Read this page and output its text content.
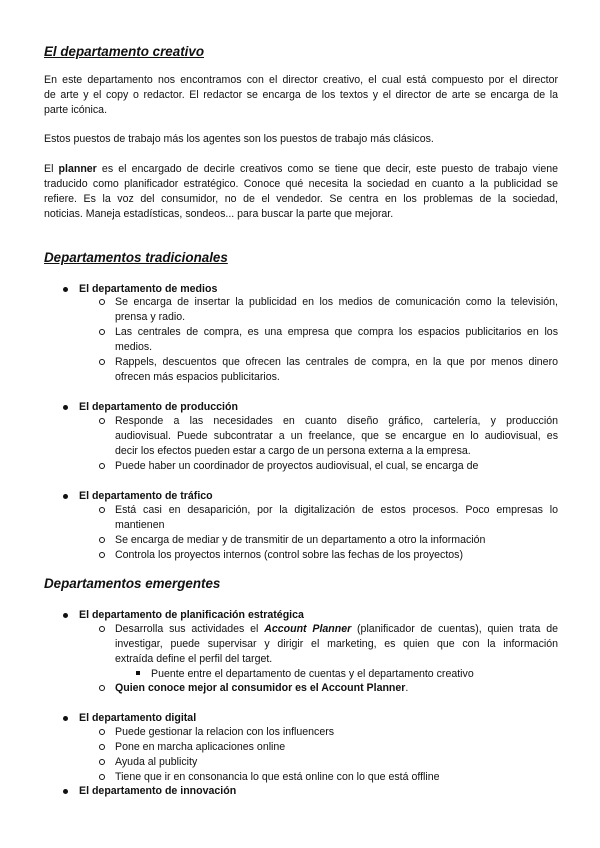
El departamento creativo

En este departamento nos encontramos con el director creativo, el cual está compuesto por el director
de arte y el copy o redactor. El redactor se encarga de los textos y el director de arte se encarga de la
parte icónica.

Estos puestos de trabajo más los agentes son los puestos de trabajo más clásicos.

El planner es el encargado de decirle creativos como se tiene que decir, este puesto de trabajo viene
traducido como planificador estratégico. Conoce qué necesita la sociedad en cuanto a la publicidad se
refiere. Es la voz del consumidor, no de el vendedor. Se centra en los problemas de la sociedad,
noticias. Maneja estadísticas, sondeos... para buscar la parte que mejorar.

Departamentos tradicionales
El departamento de medios

Se encarga de insertar la publicidad en los medios de comunicación como la televisión,
prensa y radio.

Las centrales de compra, es una empresa que compra los espacios publicitarios en los
medios.

Rappels, descuentos que ofrecen las centrales de compra, en la que por menos dinero
ofrecen más espacios publicitarios.

El departamento de producción

Responde a las necesidades en cuanto diseño gráfico, cartelería, y producción
audiovisual. Puede subcontratar a un freelance, que se encargue en lo audiovisual, es
decir los efectos pueden estar a cargo de un persona externa a la empresa.

Puede haber un coordinador de proyectos audiovisual, el cual, se encarga de

El departamento de tráfico

Está casi en desaparición, por la digitalización de estos procesos. Poco empresas lo
mantienen

Se encarga de mediar y de transmitir de un departamento a otro la información

Controla los proyectos internos (control sobre las fechas de los proyectos)

Departamentos emergentes
El departamento de planificación estratégica

Desarrolla sus actividades el Account Planner (planificador de cuentas), quien trata de
investigar, puede supervisar y dirigir el marketing, es quien que con la información
extraída define el perfil del target.

Puente entre el departamento de cuentas y el departamento creativo
Quien conoce mejor al consumidor es el Account Planner.
El departamento digital
Puede gestionar la relacion con los influencers
Pone en marcha aplicaciones online
Ayuda al publicity
Tiene que ir en consonancia lo que está online con lo que está offline
El departamento de innovación
